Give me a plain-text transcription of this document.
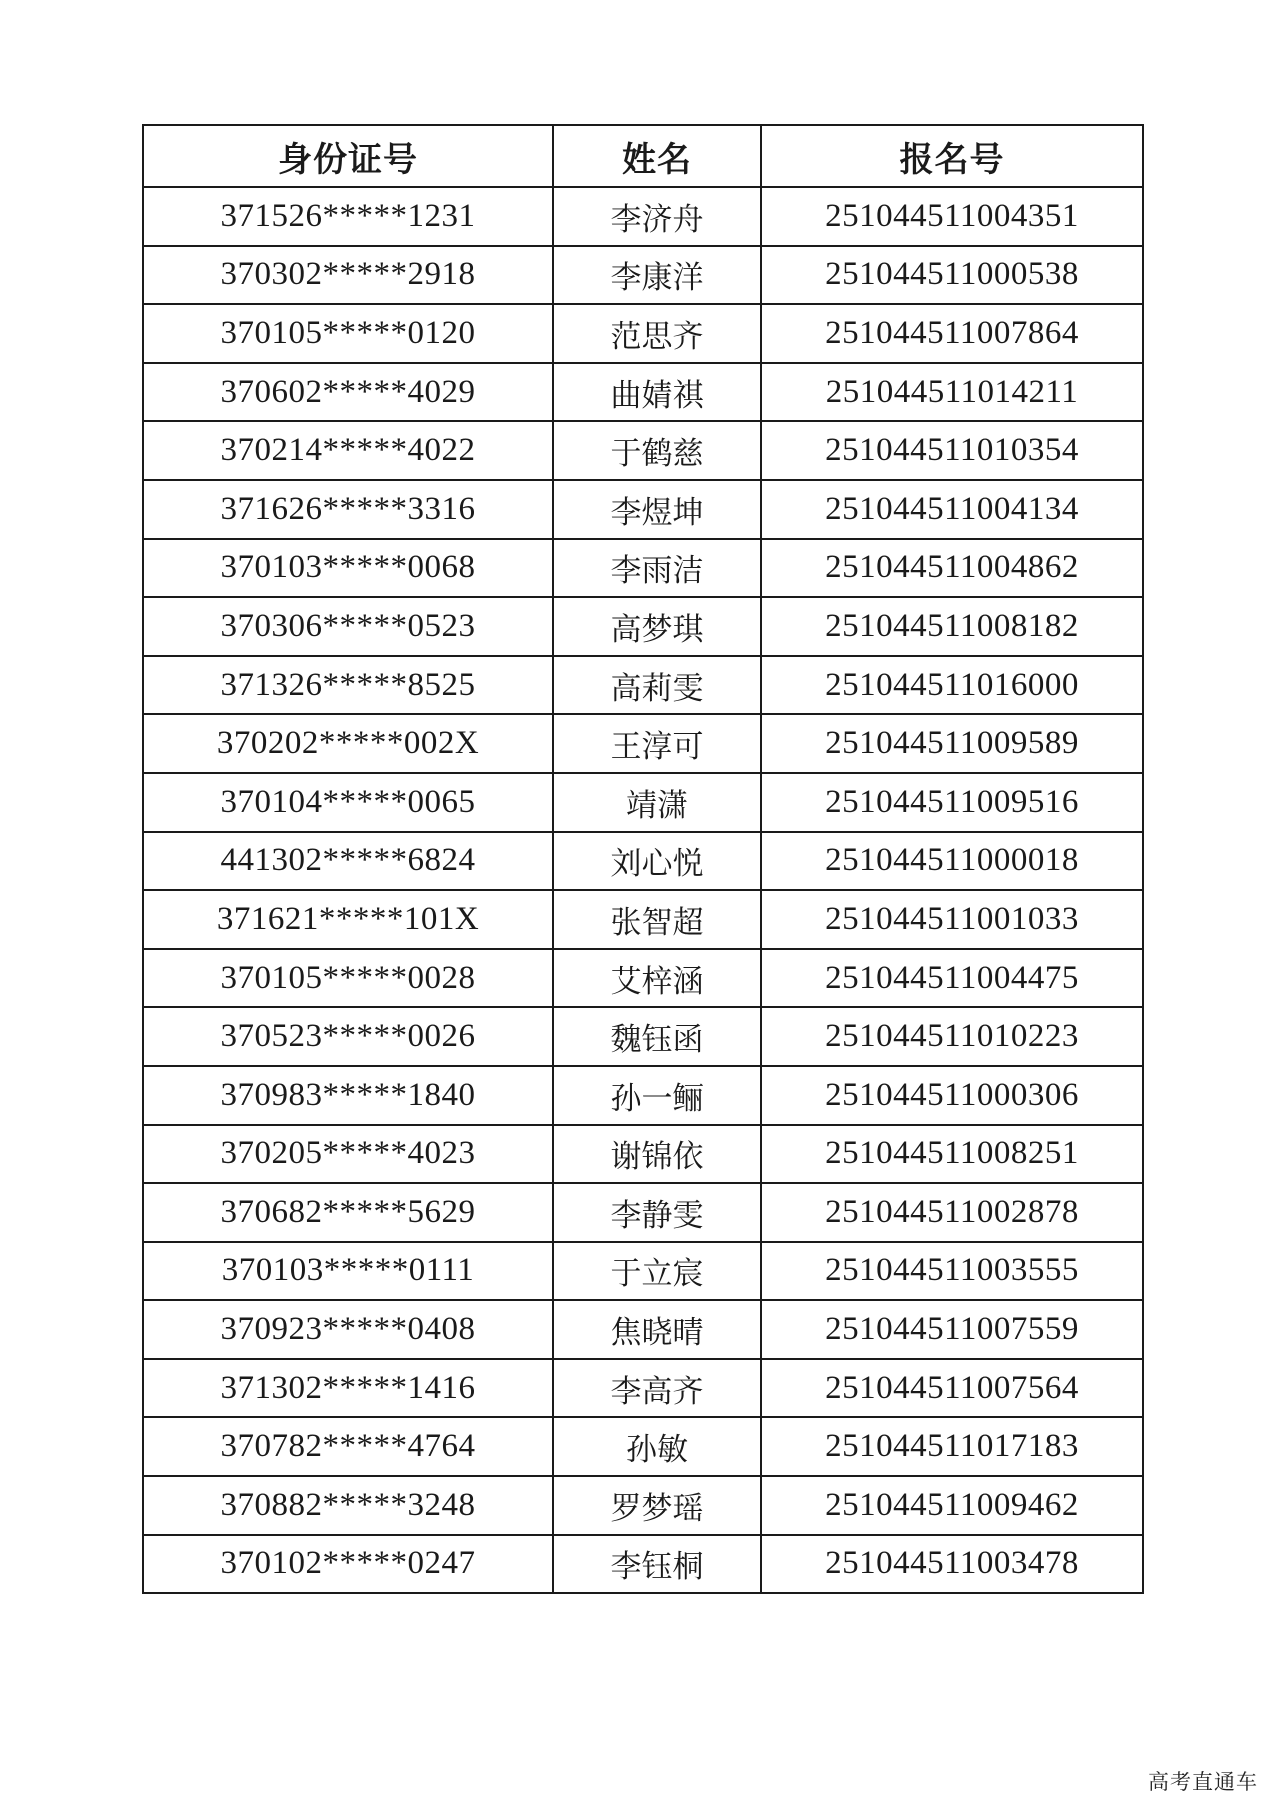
身份证号	姓名	报名号
371526*****1231	李济舟	251044511004351
370302*****2918	李康洋	251044511000538
370105*****0120	范思齐	251044511007864
370602*****4029	曲婧祺	251044511014211
370214*****4022	于鹤慈	251044511010354
371626*****3316	李煜坤	251044511004134
370103*****0068	李雨洁	251044511004862
370306*****0523	高梦琪	251044511008182
371326*****8525	高莉雯	251044511016000
370202*****002X	王淳可	251044511009589
370104*****0065	靖潇	251044511009516
441302*****6824	刘心悦	251044511000018
371621*****101X	张智超	251044511001033
370105*****0028	艾梓涵	251044511004475
370523*****0026	魏钰函	251044511010223
370983*****1840	孙一鲡	251044511000306
370205*****4023	谢锦依	251044511008251
370682*****5629	李静雯	251044511002878
370103*****0111	于立宸	251044511003555
370923*****0408	焦晓晴	251044511007559
371302*****1416	李高齐	251044511007564
370782*****4764	孙敏	251044511017183
370882*****3248	罗梦瑶	251044511009462
370102*****0247	李钰桐	251044511003478
高考直通车
